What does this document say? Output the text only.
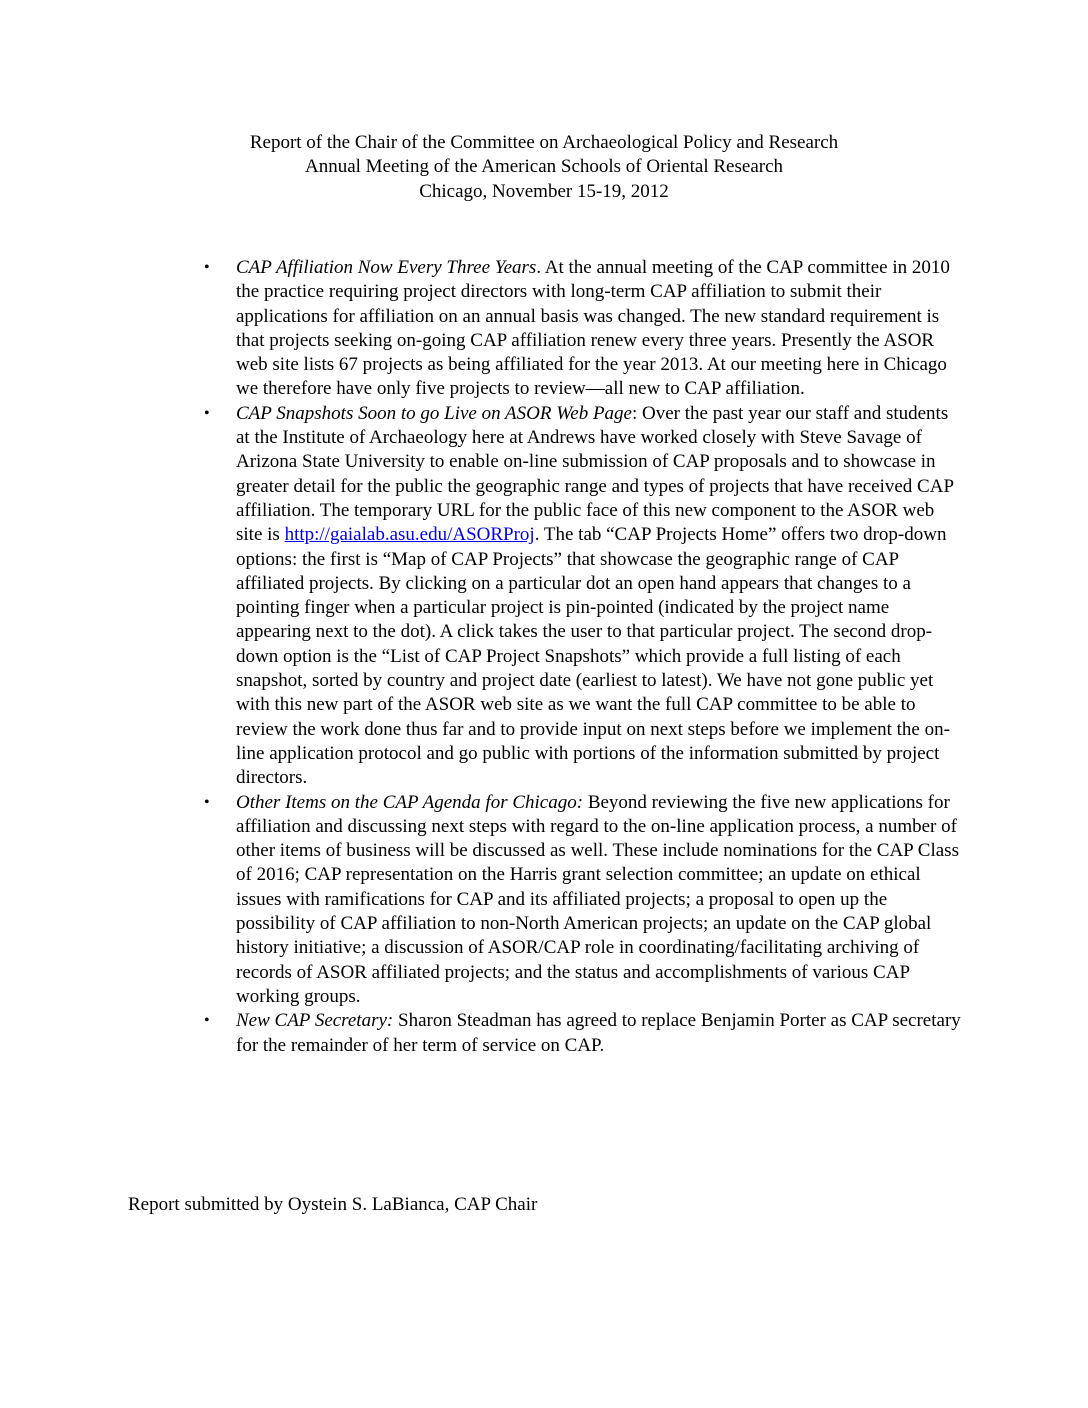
Report of the Chair of the Committee on Archaeological Policy and Research
Annual Meeting of the American Schools of Oriental Research
Chicago, November 15-19, 2012
•	CAP Affiliation Now Every Three Years. At the annual meeting of the CAP committee in 2010 the practice requiring project directors with long-term CAP affiliation to submit their applications for affiliation on an annual basis was changed. The new standard requirement is that projects seeking on-going CAP affiliation renew every three years. Presently the ASOR web site lists 67 projects as being affiliated for the year 2013. At our meeting here in Chicago we therefore have only five projects to review—all new to CAP affiliation.
•	CAP Snapshots Soon to go Live on ASOR Web Page: Over the past year our staff and students at the Institute of Archaeology here at Andrews have worked closely with Steve Savage of Arizona State University to enable on-line submission of CAP proposals and to showcase in greater detail for the public the geographic range and types of projects that have received CAP affiliation. The temporary URL for the public face of this new component to the ASOR web site is http://gaialab.asu.edu/ASORProj. The tab “CAP Projects Home” offers two drop-down options: the first is “Map of CAP Projects” that showcase the geographic range of CAP affiliated projects. By clicking on a particular dot an open hand appears that changes to a pointing finger when a particular project is pin-pointed (indicated by the project name appearing next to the dot). A click takes the user to that particular project. The second drop-down option is the “List of CAP Project Snapshots” which provide a full listing of each snapshot, sorted by country and project date (earliest to latest). We have not gone public yet with this new part of the ASOR web site as we want the full CAP committee to be able to review the work done thus far and to provide input on next steps before we implement the on-line application protocol and go public with portions of the information submitted by project directors.
•	Other Items on the CAP Agenda for Chicago: Beyond reviewing the five new applications for affiliation and discussing next steps with regard to the on-line application process, a number of other items of business will be discussed as well. These include nominations for the CAP Class of 2016; CAP representation on the Harris grant selection committee; an update on ethical issues with ramifications for CAP and its affiliated projects; a proposal to open up the possibility of CAP affiliation to non-North American projects; an update on the CAP global history initiative; a discussion of ASOR/CAP role in coordinating/facilitating archiving of records of ASOR affiliated projects; and the status and accomplishments of various CAP working groups.
•	New CAP Secretary: Sharon Steadman has agreed to replace Benjamin Porter as CAP secretary for the remainder of her term of service on CAP.
Report submitted by Oystein S. LaBianca, CAP Chair
